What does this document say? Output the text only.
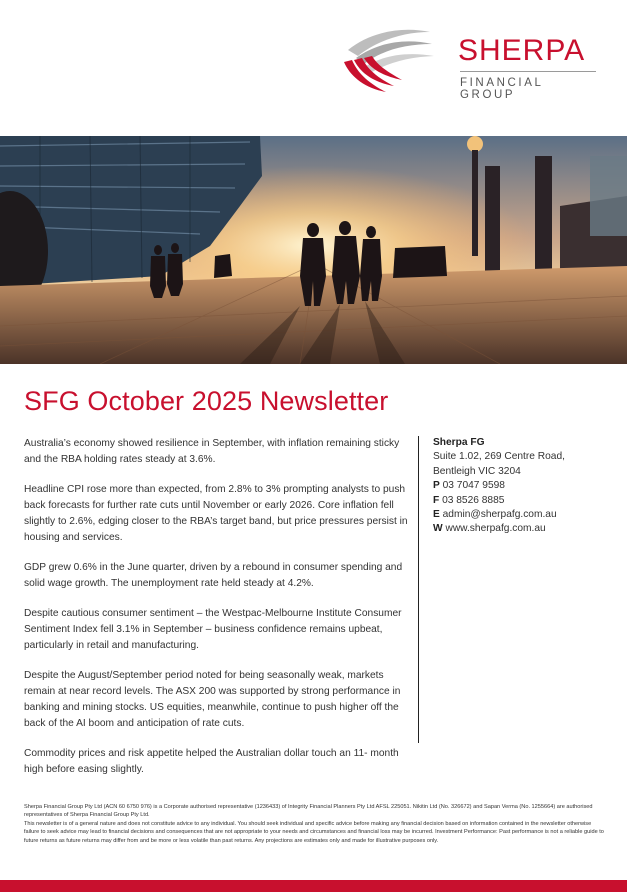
SHERPA
FINANCIAL GROUP
SFG October 2025 Newsletter

Australia’s economy showed resilience in September, with inflation remaining sticky and the RBA holding rates steady at 3.6%.

Headline CPI rose more than expected, from 2.8% to 3% prompting analysts to push back forecasts for further rate cuts until November or early 2026. Core inflation fell slightly to 2.6%, edging closer to the RBA’s target band, but price pressures persist in housing and services.

GDP grew 0.6% in the June quarter, driven by a rebound in consumer spending and solid wage growth. The unemployment rate held steady at 4.2%.

Despite cautious consumer sentiment – the Westpac-Melbourne Institute Consumer Sentiment Index fell 3.1% in September – business confidence remains upbeat, particularly in retail and manufacturing.

Despite the August/September period noted for being seasonally weak, markets remain at near record levels. The ASX 200 was supported by strong performance in banking and mining stocks. US equities, meanwhile, continue to push higher off the back of the AI boom and anticipation of rate cuts.

Commodity prices and risk appetite helped the Australian dollar touch an 11- month high before easing slightly.

Sherpa FG
Suite 1.02, 269 Centre Road,
Bentleigh VIC 3204
P 03 7047 9598
F 03 8526 8885
E admin@sherpafg.com.au
W www.sherpafg.com.au

Sherpa Financial Group Pty Ltd (ACN 60 6750 976) is a Corporate authorised representative (1236433) of Integrity Financial Planners Pty Ltd AFSL 225051. Nikitin Ltd (No. 326672) and Sapan Verma (No. 1255664) are authorised representatives of Sherpa Financial Group Pty Ltd.

This newsletter is of a general nature and does not constitute advice to any individual. You should seek individual and specific advice before making any financial decision based on information contained in the newsletter otherwise failure to seek advice may lead to financial decisions and consequences that are not appropriate to your needs and circumstances and financial loss may be incurred. Investment Performance: Past performance is not a reliable guide to future returns as future returns may differ from and be more or less volatile than past returns. Any projections are estimates only and made for illustrative purposes only.
